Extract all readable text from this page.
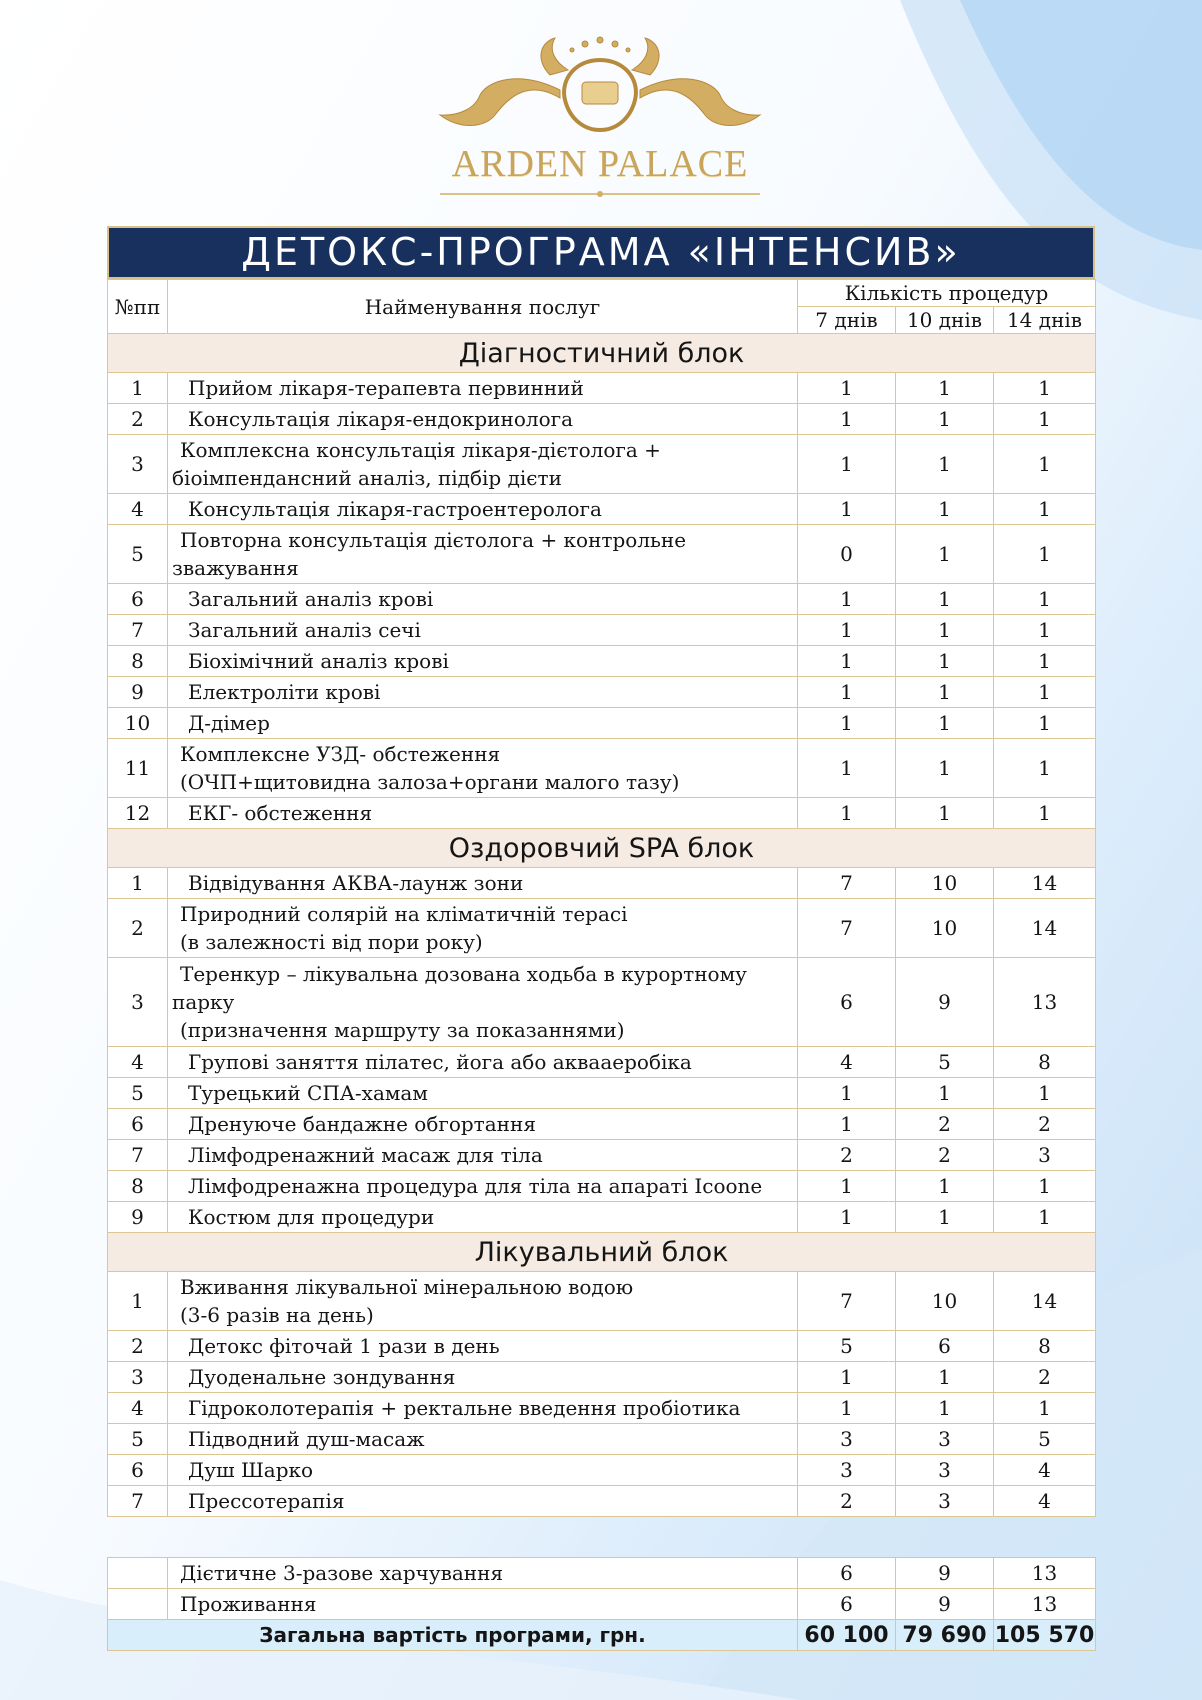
ARDEN PALACE
ДЕТОКС-ПРОГРАМА «ІНТЕНСИВ»
№пп	Найменування послуг	Кількість процедур		
		7 днів	10 днів	14 днів
Діагностичний блок				
1	Прийом лікаря-терапевта первинний	1	1	1
2	Консультація лікаря-ендокринолога	1	1	1
3	Комплексна консультація лікаря-дієтолога +
біоімпендансний аналіз, підбір дієти	1	1	1
4	Консультація лікаря-гастроентеролога	1	1	1
5	Повторна консультація дієтолога + контрольне
зважування	0	1	1
6	Загальний аналіз крові	1	1	1
7	Загальний аналіз сечі	1	1	1
8	Біохімічний аналіз крові	1	1	1
9	Електроліти крові	1	1	1
10	Д-дімер	1	1	1
11	Комплексне УЗД- обстеження
(ОЧП+щитовидна залоза+органи малого тазу)	1	1	1
12	ЕКГ- обстеження	1	1	1
Оздоровчий SPA блок				
1	Відвідування АКВА-лаунж зони	7	10	14
2	Природний солярій на кліматичній терасі
(в залежності від пори року)	7	10	14
3	Теренкур – лікувальна дозована ходьба в курортному
парку
(призначення маршруту за показаннями)	6	9	13
4	Групові заняття пілатес, йога або аквааеробіка	4	5	8
5	Турецький СПА-хамам	1	1	1
6	Дренуюче бандажне обгортання	1	2	2
7	Лімфодренажний масаж для тіла	2	2	3
8	Лімфодренажна процедура для тіла на апараті Icoone	1	1	1
9	Костюм для процедури	1	1	1
Лікувальний блок				
1	Вживання лікувальної мінеральною водою
(3-6 разів на день)	7	10	14
2	Детокс фіточай 1 рази в день	5	6	8
3	Дуоденальне зондування	1	1	2
4	Гідроколотерапія + ректальне введення пробіотика	1	1	1
5	Підводний душ-масаж	3	3	5
6	Душ Шарко	3	3	4
7	Прессотерапія	2	3	4

	Дієтичне 3-разове харчування	6	9	13
	Проживання	6	9	13
Загальна вартість програми, грн.		60 100	79 690	105 570
